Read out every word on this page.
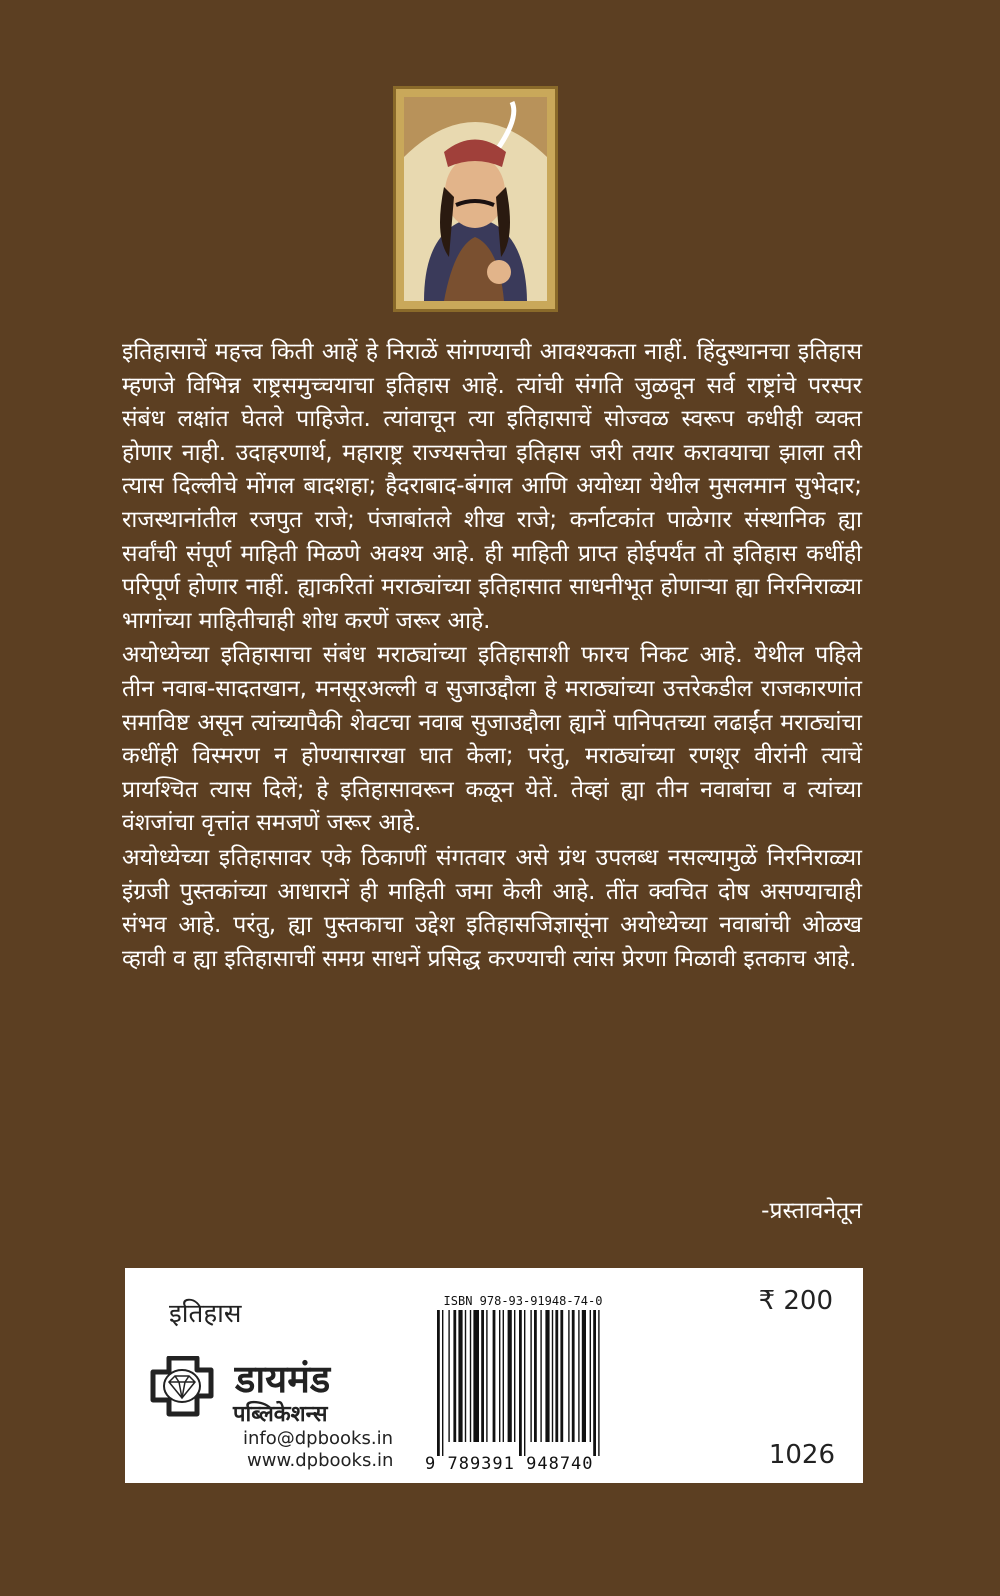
इतिहासाचें महत्त्व किती आहें हे निराळें सांगण्याची आवश्यकता नाहीं. हिंदुस्थानचा इतिहास म्हणजे विभिन्न राष्ट्रसमुच्चयाचा इतिहास आहे. त्यांची संगति जुळवून सर्व राष्ट्रांचे परस्पर संबंध लक्षांत घेतले पाहिजेत. त्यांवाचून त्या इतिहासाचें सोज्वळ स्वरूप कधीही व्यक्त होणार नाही. उदाहरणार्थ, महाराष्ट्र राज्यसत्तेचा इतिहास जरी तयार करावयाचा झाला तरी त्यास दिल्लीचे मोंगल बादशहा; हैदराबाद-बंगाल आणि अयोध्या येथील मुसलमान सुभेदार; राजस्थानांतील रजपुत राजे; पंजाबांतले शीख राजे; कर्नाटकांत पाळेगार संस्थानिक ह्या सर्वांची संपूर्ण माहिती मिळणे अवश्य आहे. ही माहिती प्राप्त होईपर्यंत तो इतिहास कधींही परिपूर्ण होणार नाहीं. ह्याकरितां मराठ्यांच्या इतिहासात साधनीभूत होणाऱ्या ह्या निरनिराळ्या भागांच्या माहितीचाही शोध करणें जरूर आहे.

अयोध्येच्या इतिहासाचा संबंध मराठ्यांच्या इतिहासाशी फारच निकट आहे. येथील पहिले तीन नवाब-सादतखान, मनसूरअल्ली व सुजाउद्दौला हे मराठ्यांच्या उत्तरेकडील राजकारणांत समाविष्ट असून त्यांच्यापैकी शेवटचा नवाब सुजाउद्दौला ह्यानें पानिपतच्या लढाईंत मराठ्यांचा कधींही विस्मरण न होण्यासारखा घात केला; परंतु, मराठ्यांच्या रणशूर वीरांनी त्याचें प्रायश्चित त्यास दिलें; हे इतिहासावरून कळून येतें. तेव्हां ह्या तीन नवाबांचा व त्यांच्या वंशजांचा वृत्तांत समजणें जरूर आहे.

अयोध्येच्या इतिहासावर एके ठिकाणीं संगतवार असे ग्रंथ उपलब्ध नसल्यामुळें निरनिराळ्या इंग्रजी पुस्तकांच्या आधारानें ही माहिती जमा केली आहे. तींत क्वचित दोष असण्याचाही संभव आहे. परंतु, ह्या पुस्तकाचा उद्देश इतिहासजिज्ञासूंना अयोध्येच्या नवाबांची ओळख व्हावी व ह्या इतिहासाचीं समग्र साधनें प्रसिद्ध करण्याची त्यांस प्रेरणा मिळावी इतकाच आहे.

-प्रस्तावनेतून
इतिहास	₹ 200
1026
डायमंड
पब्लिकेशन्स
info@dpbooks.in
www.dpbooks.in
ISBN 978-93-91948-74-0
9 789391 948740
